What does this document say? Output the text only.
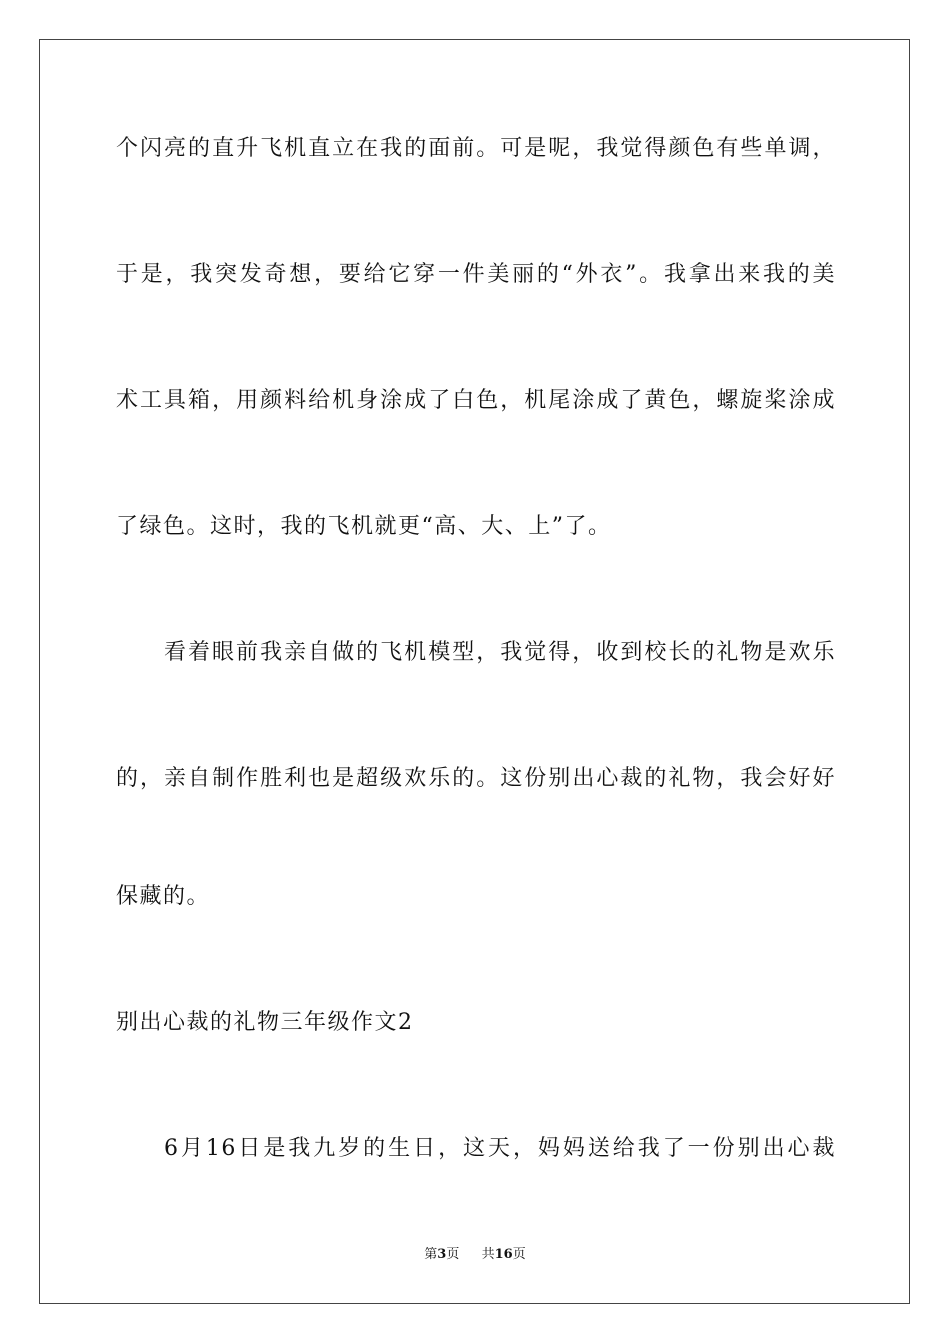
个闪亮的直升飞机直立在我的面前。可是呢，我觉得颜色有些单调，
于是，我突发奇想，要给它穿一件美丽的“外衣”。我拿出来我的美
术工具箱，用颜料给机身涂成了白色，机尾涂成了黄色，螺旋桨涂成
了绿色。这时，我的飞机就更“高、大、上”了。
看着眼前我亲自做的飞机模型，我觉得，收到校长的礼物是欢乐
的，亲自制作胜利也是超级欢乐的。这份别出心裁的礼物，我会好好
保藏的。
别出心裁的礼物三年级作文2
6月16日是我九岁的生日，这天，妈妈送给我了一份别出心裁
第3页 共16页
